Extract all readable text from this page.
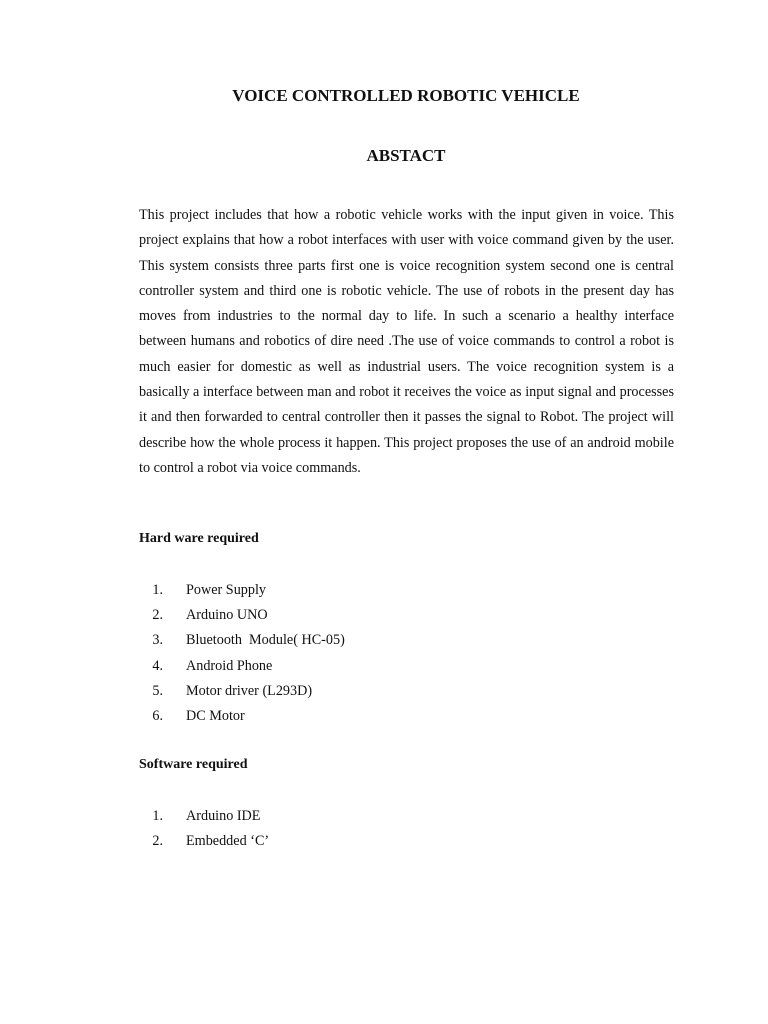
VOICE CONTROLLED ROBOTIC VEHICLE
ABSTACT

This project includes that how a robotic vehicle works with the input given in voice. This project explains that how a robot interfaces with user with voice command given by the user. This system consists three parts first one is voice recognition system second one is central controller system and third one is robotic vehicle. The use of robots in the present day has moves from industries to the normal day to life. In such a scenario a healthy interface between humans and robotics of dire need .The use of voice commands to control a robot is much easier for domestic as well as industrial users. The voice recognition system is a basically a interface between man and robot it receives the voice as input signal and processes it and then forwarded to central controller then it passes the signal to Robot. The project will describe how the whole process it happen. This project proposes the use of an android mobile to control a robot via voice commands.

Hard ware required
1. Power Supply
2. Arduino UNO
3. Bluetooth  Module( HC-05)
4. Android Phone
5. Motor driver (L293D)
6. DC Motor
Software required
1. Arduino IDE
2. Embedded ‘C’
